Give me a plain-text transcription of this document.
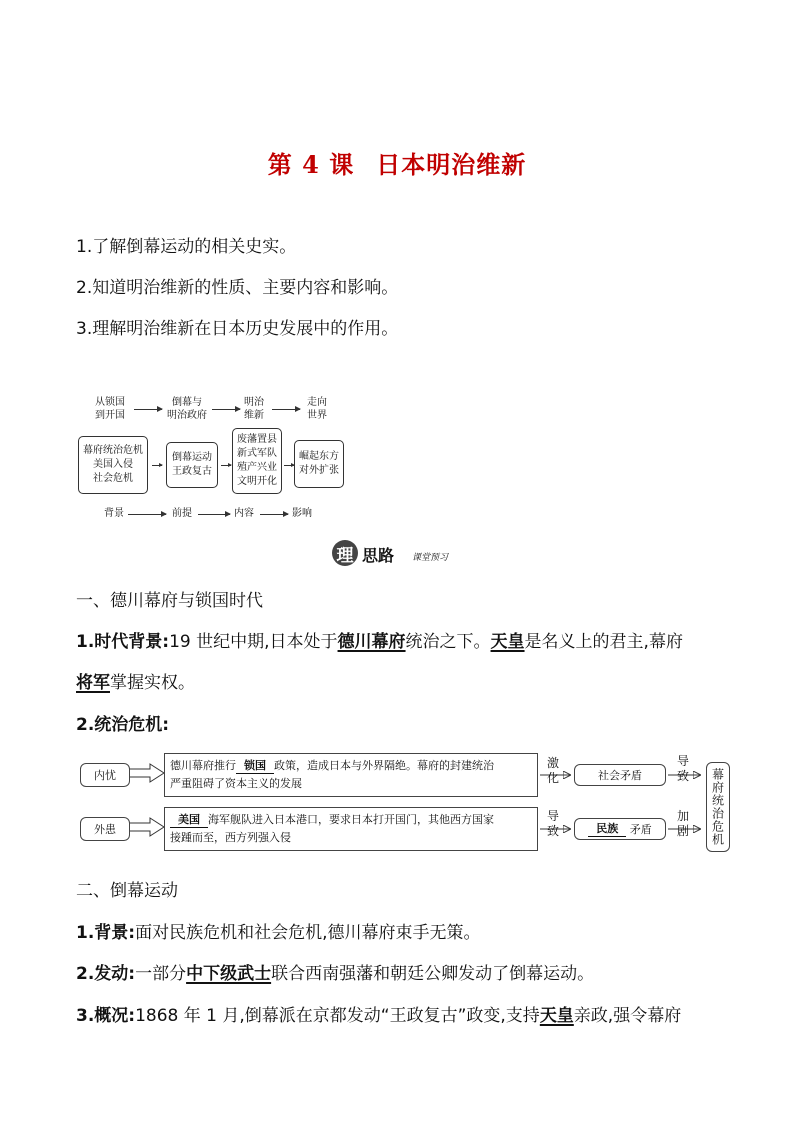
第 4 课 日本明治维新
1.了解倒幕运动的相关史实。
2.知道明治维新的性质、主要内容和影响。
3.理解明治维新在日本历史发展中的作用。
从锁国
到开国
倒幕与
明治政府
明治
维新
走向
世界
幕府统治危机
美国入侵
社会危机
倒幕运动
王政复古
废藩置县
新式军队
殖产兴业
文明开化
崛起东方
对外扩张
背景	前提	内容	影响
理 思路 课堂预习
一、德川幕府与锁国时代
1.时代背景:19 世纪中期,日本处于德川幕府统治之下。天皇是名义上的君主,幕府
将军掌握实权。
2.统治危机:
内忧
外患
德川幕府推行 锁国 政策，造成日本与外界隔绝。幕府的封建统治
严重阻碍了资本主义的发展
美国 海军舰队进入日本港口，要求日本打开国门，其他西方国家
接踵而至，西方列强入侵
激
化
导
致
导
致
加
剧
社会矛盾
民族
	矛盾	幕府统治危机
二、倒幕运动
1.背景:面对民族危机和社会危机,德川幕府束手无策。
2.发动:一部分中下级武士联合西南强藩和朝廷公卿发动了倒幕运动。
3.概况:1868 年 1 月,倒幕派在京都发动“王政复古”政变,支持天皇亲政,强令幕府
